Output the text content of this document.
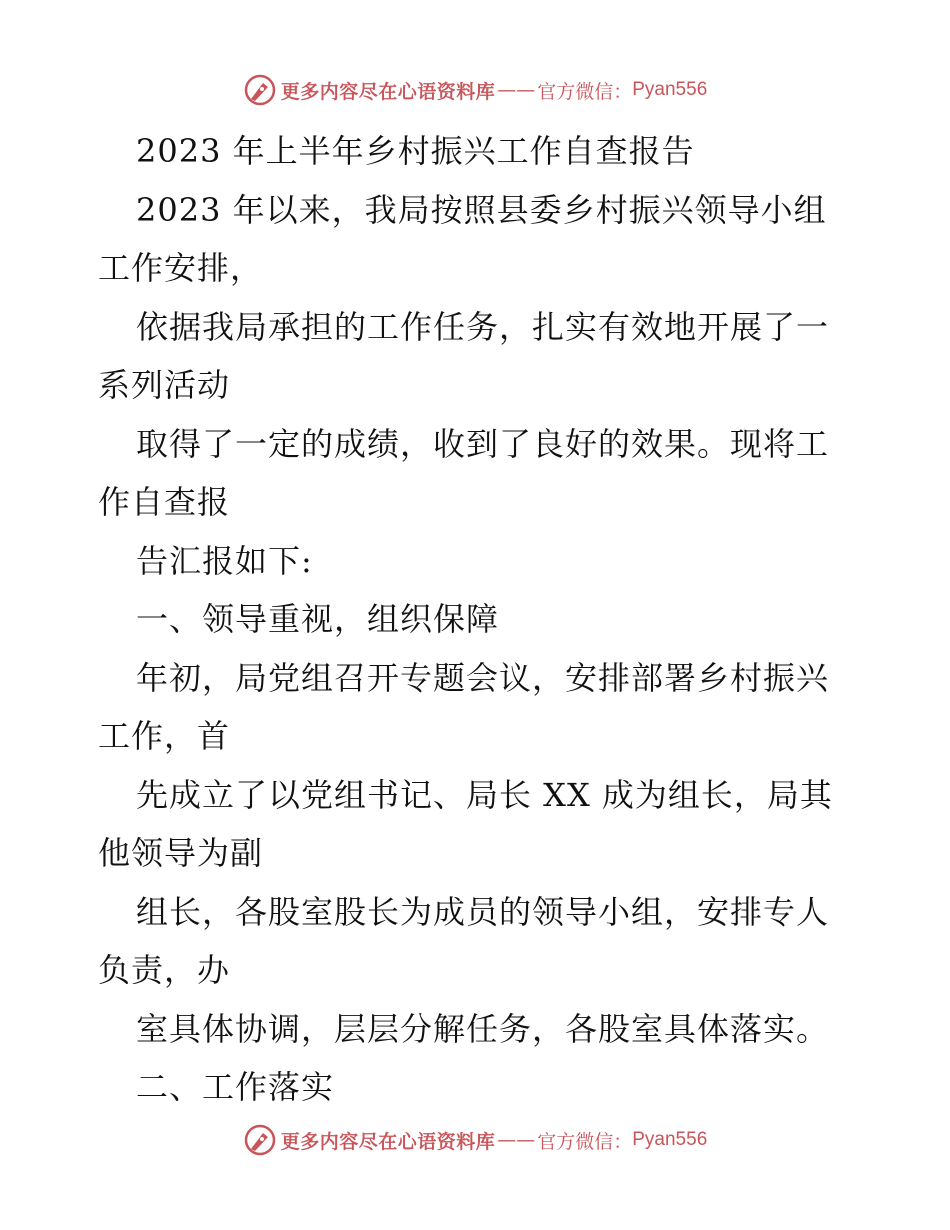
更多内容尽在心语资料库 —— 官方微信： Pyan556
2023 年上半年乡村振兴工作自查报告
2023 年以来，我局按照县委乡村振兴领导小组
工作安排，
依据我局承担的工作任务，扎实有效地开展了一
系列活动
取得了一定的成绩，收到了良好的效果。现将工
作自查报
告汇报如下:
一、领导重视，组织保障
年初，局党组召开专题会议，安排部署乡村振兴
工作，首
先成立了以党组书记、局长 XX 成为组长，局其
他领导为副
组长，各股室股长为成员的领导小组，安排专人
负责，办
室具体协调，层层分解任务，各股室具体落实。
二、工作落实
更多内容尽在心语资料库 —— 官方微信： Pyan556
